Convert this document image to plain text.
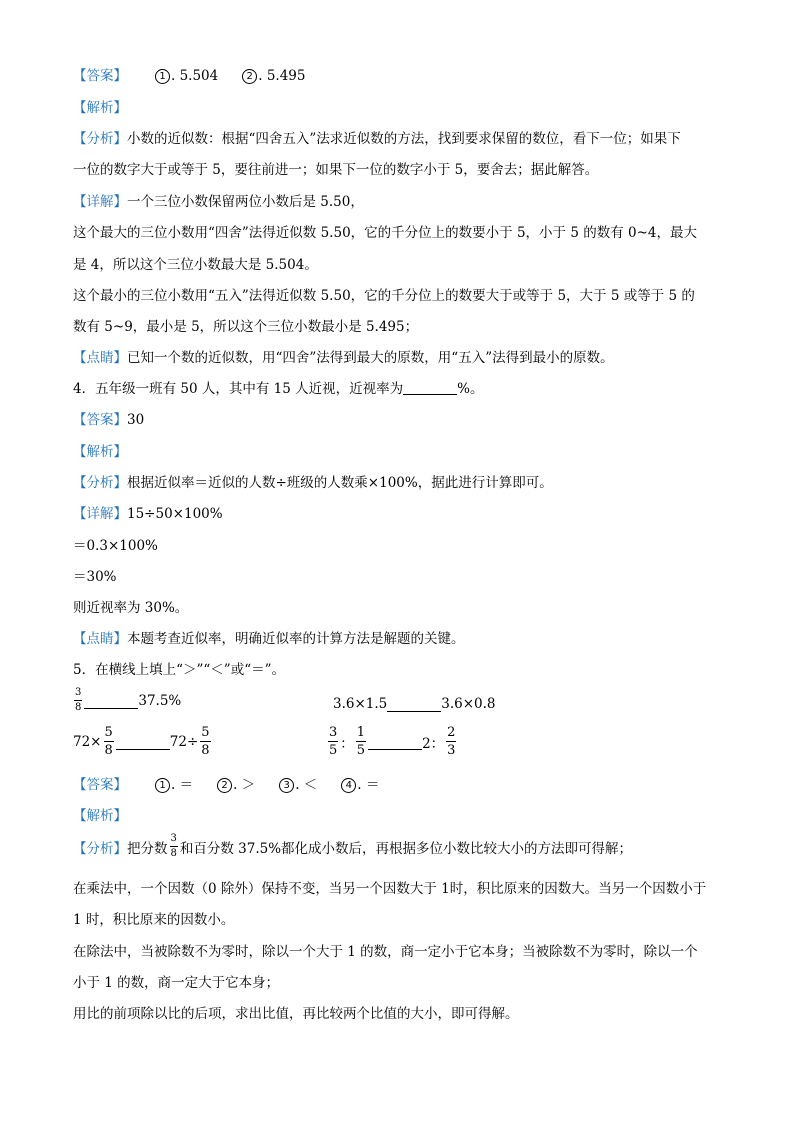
【答案】	1 . 5.504	2 . 5.495
【解析】
【分析】小数的近似数：根据“四舍五入”法求近似数的方法，找到要求保留的数位，看下一位；如果下
一位的数字大于或等于 5，要往前进一；如果下一位的数字小于 5，要舍去；据此解答。
【详解】一个三位小数保留两位小数后是 5.50，
这个最大的三位小数用“四舍”法得近似数 5.50，它的千分位上的数要小于 5，小于 5 的数有 0~4，最大
是 4，所以这个三位小数最大是 5.504。
这个最小的三位小数用“五入”法得近似数 5.50，它的千分位上的数要大于或等于 5，大于 5 或等于 5 的
数有 5~9，最小是 5，所以这个三位小数最小是 5.495；
【点睛】已知一个数的近似数，用“四舍”法得到最大的原数，用“五入”法得到最小的原数。
4．五年级一班有 50 人，其中有 15 人近视，近视率为	%。
【答案】30
【解析】
【分析】根据近似率＝近似的人数÷班级的人数乘×100%，据此进行计算即可。
【详解】15÷50×100%
＝0.3×100%
＝30%
则近视率为 30%。
【点睛】本题考查近似率，明确近似率的计算方法是解题的关键。
5．在横线上填上“＞”“＜”或“＝”。
$\frac{3}{8}$	37.5%	3.6×1.5	3.6×0.8
$72\times \frac{5}{8}$	$72\div \frac{5}{8}$	$\frac{3}{5}$ ： $\frac{1}{5}$	2： $\frac{2}{3}$
【答案】	1 . ＝	2 . ＞	3 . ＜	4 . ＝
【解析】
【分析】 把分数 $\frac{3}{8}$ 和百分数 37.5%都化成小数后，再根据多位小数比较大小的方法即可得解；
在乘法中，一个因数（0 除外）保持不变，当另一个因数大于 1时，积比原来的因数大。当另一个因数小于
1 时，积比原来的因数小。
在除法中，当被除数不为零时，除以一个大于 1 的数，商一定小于它本身；当被除数不为零时，除以一个
小于 1 的数，商一定大于它本身；
用比的前项除以比的后项，求出比值，再比较两个比值的大小，即可得解。
